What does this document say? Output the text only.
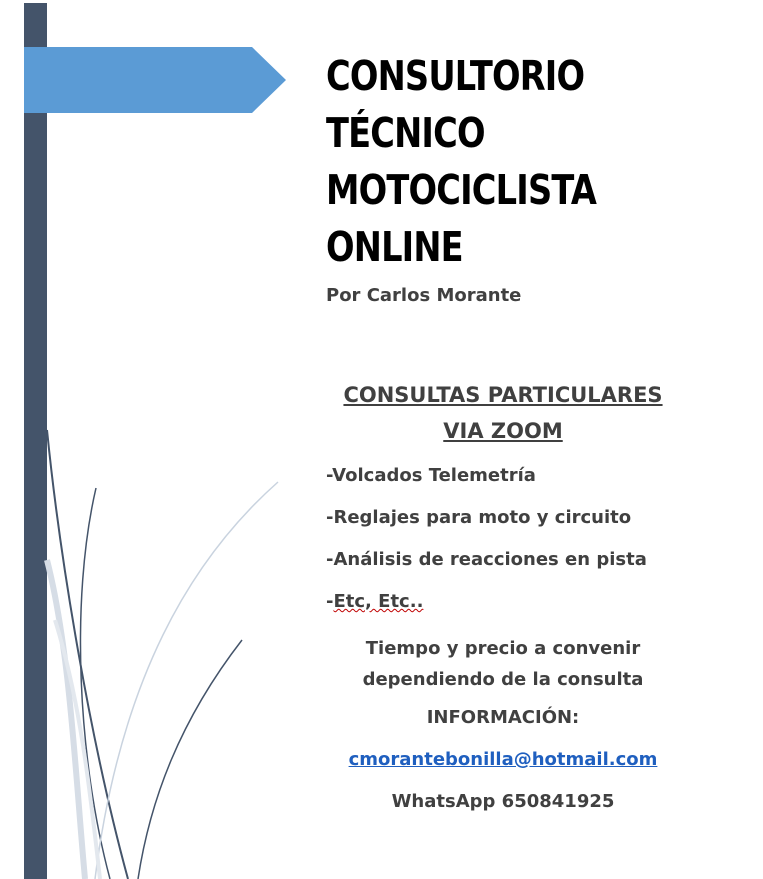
CONSULTORIO
TÉCNICO
MOTOCICLISTA
ONLINE
Por Carlos Morante
CONSULTAS PARTICULARES
VIA ZOOM
-Volcados Telemetría
-Reglajes para moto y circuito
-Análisis de reacciones en pista
-Etc, Etc..
Tiempo y precio a convenir
dependiendo de la consulta
INFORMACIÓN:
cmorantebonilla@hotmail.com
WhatsApp 650841925
